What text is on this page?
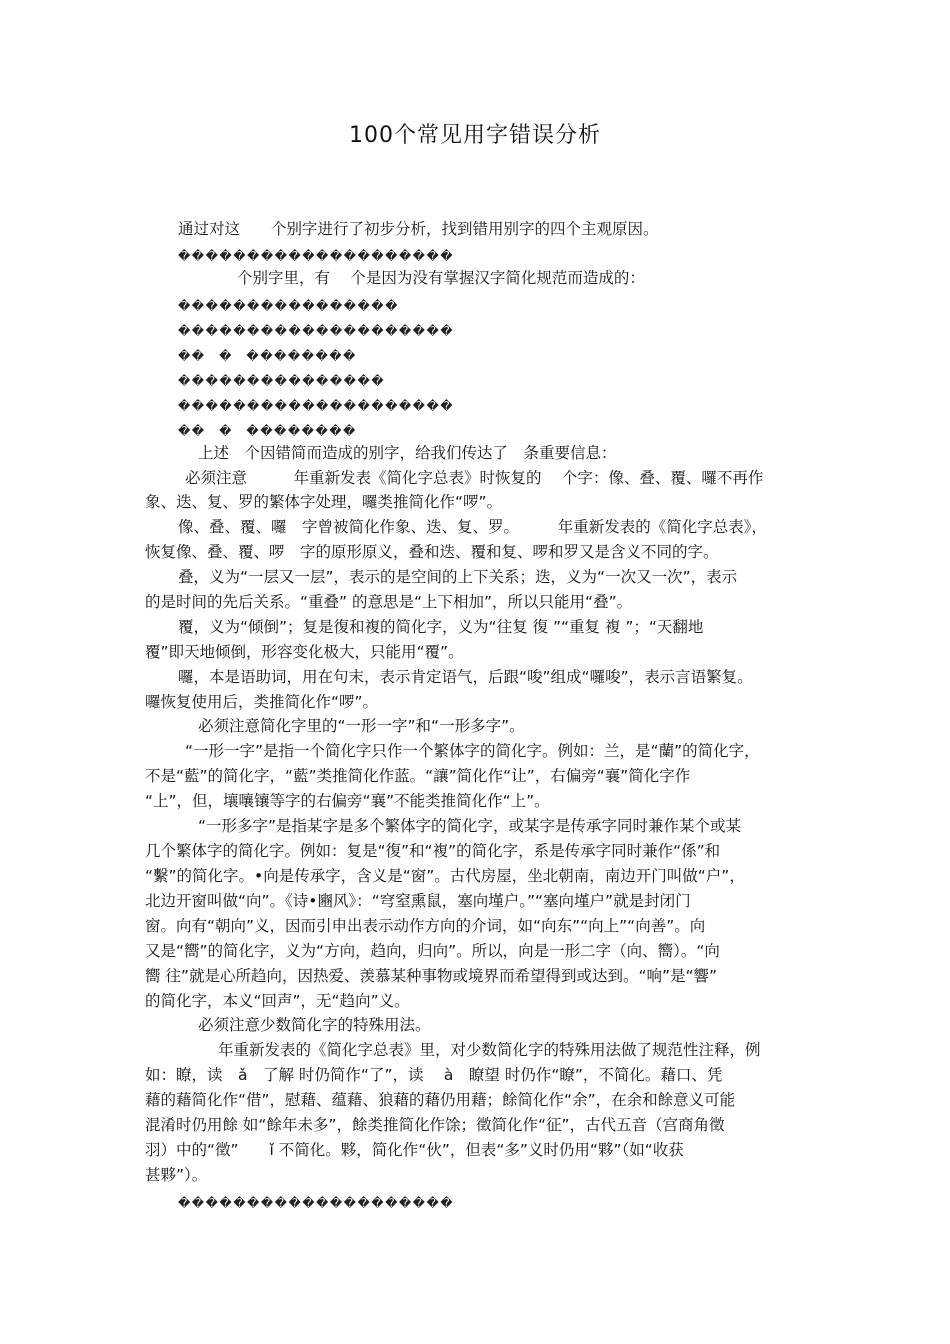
100个常见用字错误分析
通过对这　　个别字进行了初步分析，找到错用别字的四个主观原因。
��������������������
　　个别字里，有　 个是因为没有掌握汉字简化规范而造成的：
����������������
��������������������
��　�　��������
���������������
��������������������
��　�　��������
上述　个因错简而造成的别字，给我们传达了　条重要信息：
必须注意　　　年重新发表《简化字总表》时恢复的　 个字：像、叠、覆、囉不再作
象、迭、复、罗的繁体字处理，囉类推简化作“啰”。
像、叠、覆、囉　字曾被简化作象、迭、复、罗。　　　年重新发表的《简化字总表》，
恢复像、叠、覆、啰　字的原形原义，叠和迭、覆和复、啰和罗又是含义不同的字。
叠，义为“一层又一层”，表示的是空间的上下关系；迭，义为“一次又一次”，表示
的是时间的先后关系。“重叠” 的意思是“上下相加”，所以只能用“叠”。
覆，义为“倾倒”；复是復和複的简化字，义为“往复 復 ”“重复 複 ”；“天翻地
覆”即天地倾倒，形容变化极大，只能用“覆”。
囉，本是语助词，用在句末，表示肯定语气，后跟“唆”组成“囉唆”，表示言语繁复。
囉恢复使用后，类推简化作“啰”。
必须注意简化字里的“一形一字”和“一形多字”。
“一形一字”是指一个简化字只作一个繁体字的简化字。例如：兰，是“蘭”的简化字，
不是“藍”的简化字，“藍”类推简化作蓝。“讓”简化作“让”，右偏旁“襄”简化字作
“上”，但，壤嚷镶等字的右偏旁“襄”不能类推简化作“上”。
“一形多字”是指某字是多个繁体字的简化字，或某字是传承字同时兼作某个或某
几个繁体字的简化字。例如：复是“復”和“複”的简化字，系是传承字同时兼作“係”和
“繫”的简化字。•向是传承字，含义是“窗”。古代房屋，坐北朝南，南边开门叫做“户”，
北边开窗叫做“向”。《诗•豳风》：“穹窒熏鼠，塞向墐户。”“塞向墐户”就是封闭门
窗。向有“朝向”义，因而引申出表示动作方向的介词，如“向东”“向上”“向善”。向
又是“嚮”的简化字，义为“方向，趋向，归向”。所以，向是一形二字（向、嚮）。“向
嚮 往”就是心所趋向，因热爱、羡慕某种事物或境界而希望得到或达到。“响”是“響”
的简化字，本义“回声”，无“趋向”义。
必须注意少数简化字的特殊用法。
年重新发表的《简化字总表》里，对少数简化字的特殊用法做了规范性注释，例
如：瞭，读　ǎ　了解 时仍简作“了”，读　 à　瞭望 时仍作“瞭”，不简化。藉口、凭
藉的藉简化作“借”，慰藉、蕴藉、狼藉的藉仍用藉；餘简化作“余”，在余和餘意义可能
混淆时仍用餘 如“餘年未多”，餘类推简化作馀；徵简化作“征”，古代五音（宫商角徵
羽）中的“徵”　　ǐ 不简化。夥，简化作“伙”，但表“多”义时仍用“夥”（如“收获
甚夥”）。
��������������������
